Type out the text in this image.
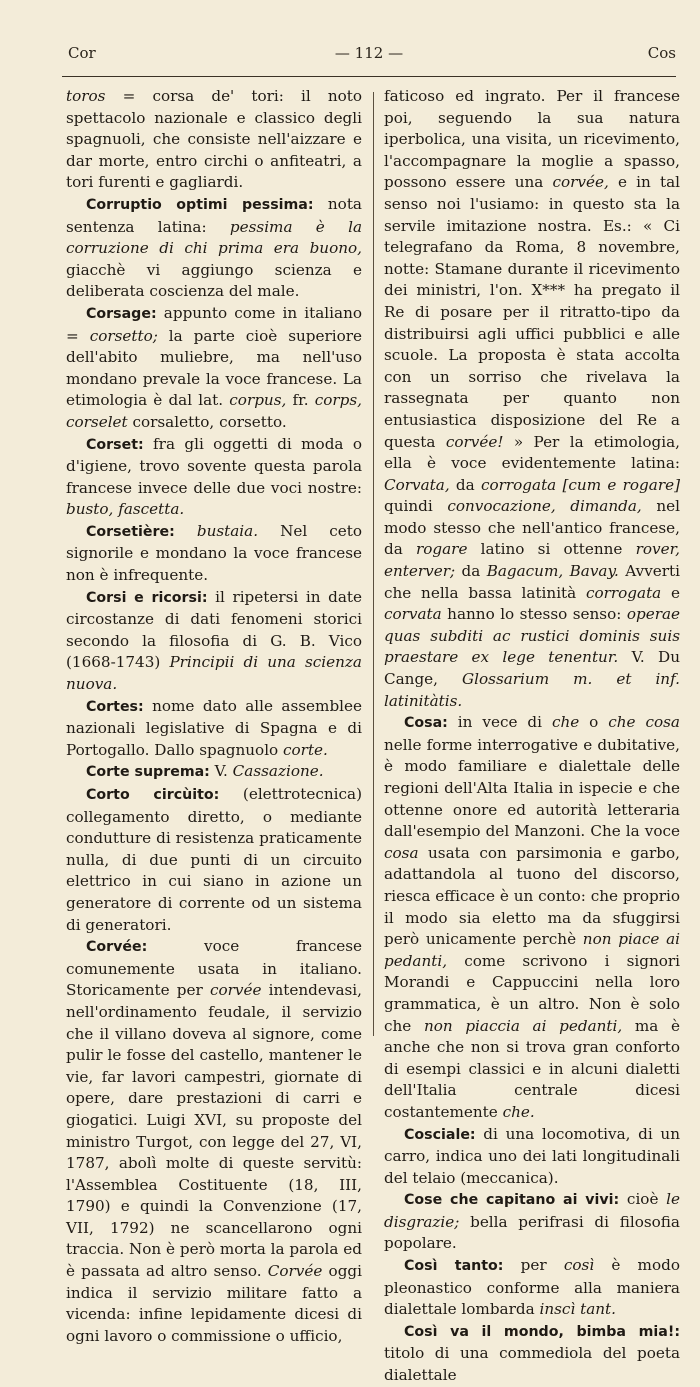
Cor	— 112 —	Cos

toros = corsa de' tori: il noto spettacolo nazionale e classico degli spagnuoli, che consiste nell'aizzare e dar morte, entro circhi o anfiteatri, a tori furenti e gagliardi.

Corruptio optimi pessima: nota sentenza latina: pessima è la corruzione di chi prima era buono, giacchè vi aggiungo scienza e deliberata coscienza del male.

Corsage: appunto come in italiano = corsetto; la parte cioè superiore dell'abito muliebre, ma nell'uso mondano prevale la voce francese. La etimologia è dal lat. corpus, fr. corps, corselet corsaletto, corsetto.

Corset: fra gli oggetti di moda o d'igiene, trovo sovente questa parola francese invece delle due voci nostre: busto, fascetta.

Corsetière: bustaia. Nel ceto signorile e mondano la voce francese non è infrequente.

Corsi e ricorsi: il ripetersi in date circostanze di dati fenomeni storici secondo la filosofia di G. B. Vico (1668-1743) Principii di una scienza nuova.

Cortes: nome dato alle assemblee nazionali legislative di Spagna e di Portogallo. Dallo spagnuolo corte.

Corte suprema: V. Cassazione.

Corto circùito: (elettrotecnica) collegamento diretto, o mediante condutture di resistenza praticamente nulla, di due punti di un circuito elettrico in cui siano in azione un generatore di corrente od un sistema di generatori.

Corvée: voce francese comunemente usata in italiano. Storicamente per corvée intendevasi, nell'ordinamento feudale, il servizio che il villano doveva al signore, come pulir le fosse del castello, mantener le vie, far lavori campestri, giornate di opere, dare prestazioni di carri e giogatici. Luigi XVI, su proposte del ministro Turgot, con legge del 27, VI, 1787, abolì molte di queste servitù: l'Assemblea Costituente (18, III, 1790) e quindi la Convenzione (17, VII, 1792) ne scancellarono ogni traccia. Non è però morta la parola ed è passata ad altro senso. Corvée oggi indica il servizio militare fatto a vicenda: infine lepidamente dicesi di ogni lavoro o commissione o ufficio,

faticoso ed ingrato. Per il francese poi, seguendo la sua natura iperbolica, una visita, un ricevimento, l'accompagnare la moglie a spasso, possono essere una corvée, e in tal senso noi l'usiamo: in questo sta la servile imitazione nostra. Es.: « Ci telegrafano da Roma, 8 novembre, notte: Stamane durante il ricevimento dei ministri, l'on. X*** ha pregato il Re di posare per il ritratto-tipo da distribuirsi agli uffici pubblici e alle scuole. La proposta è stata accolta con un sorriso che rivelava la rassegnata per quanto non entusiastica disposizione del Re a questa corvée! » Per la etimologia, ella è voce evidentemente latina: Corvata, da corrogata [cum e rogare] quindi convocazione, dimanda, nel modo stesso che nell'antico francese, da rogare latino si ottenne rover, enterver; da Bagacum, Bavay. Avverti che nella bassa latinità corrogata e corvata hanno lo stesso senso: operae quas subditi ac rustici dominis suis praestare ex lege tenentur. V. Du Cange, Glossarium m. et inf. latinitàtis.

Cosa: in vece di che o che cosa nelle forme interrogative e dubitative, è modo familiare e dialettale delle regioni dell'Alta Italia in ispecie e che ottenne onore ed autorità letteraria dall'esempio del Manzoni. Che la voce cosa usata con parsimonia e garbo, adattandola al tuono del discorso, riesca efficace è un conto: che proprio il modo sia eletto ma da sfuggirsi però unicamente perchè non piace ai pedanti, come scrivono i signori Morandi e Cappuccini nella loro grammatica, è un altro. Non è solo che non piaccia ai pedanti, ma è anche che non si trova gran conforto di esempi classici e in alcuni dialetti dell'Italia centrale dicesi costantemente che.

Cosciale: di una locomotiva, di un carro, indica uno dei lati longitudinali del telaio (meccanica).

Cose che capitano ai vivi: cioè le disgrazie; bella perifrasi di filosofia popolare.

Così tanto: per così è modo pleonastico conforme alla maniera dialettale lombarda inscì tant.

Così va il mondo, bimba mia!: titolo di una commediola del poeta dialettale
